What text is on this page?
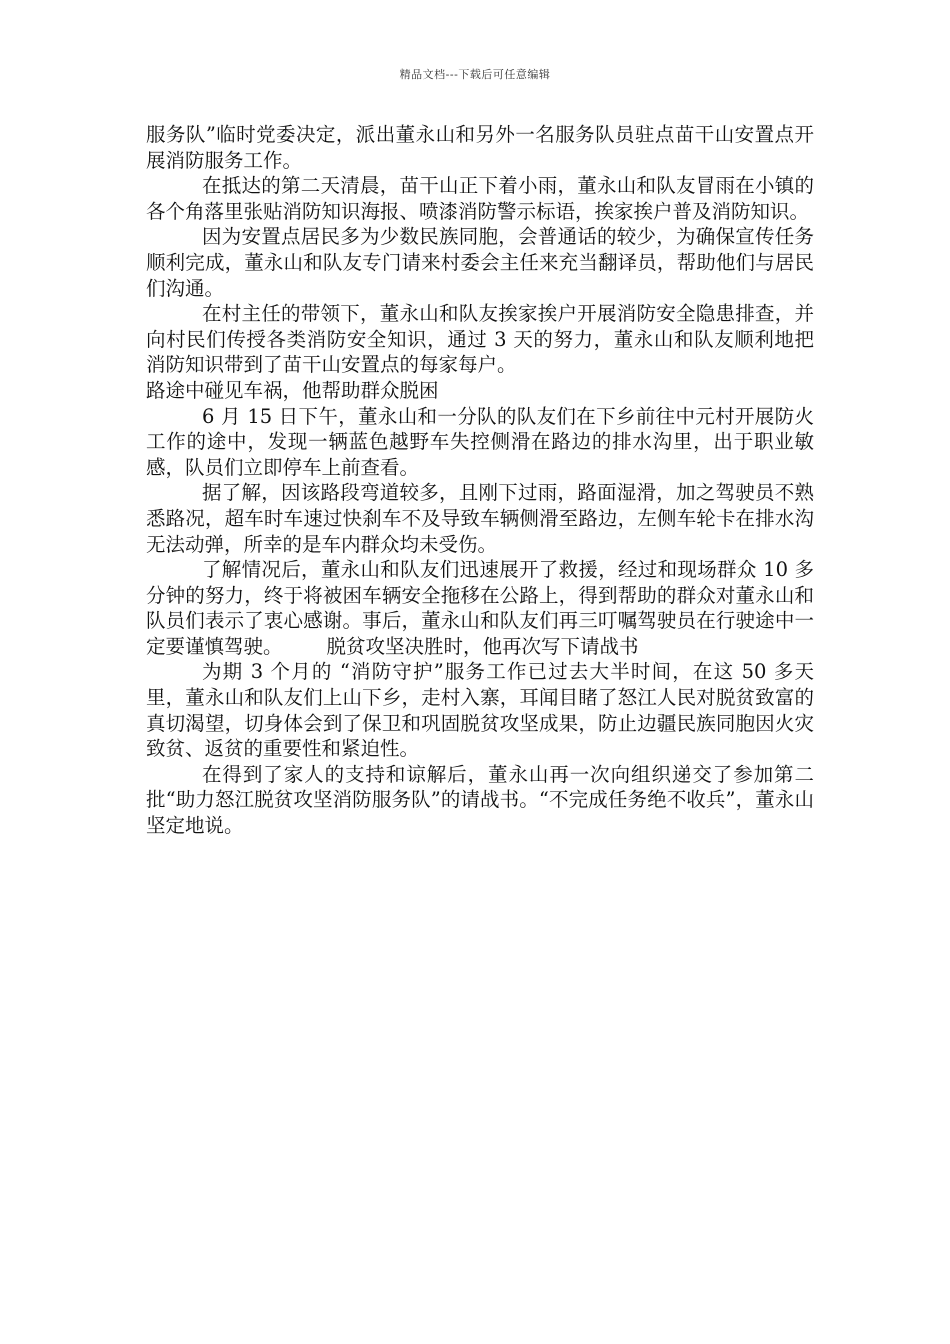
精品文档---下载后可任意编辑

服务队”临时党委决定，派出董永山和另外一名服务队员驻点苗干山安置点开展消防服务工作。

在抵达的第二天清晨，苗干山正下着小雨，董永山和队友冒雨在小镇的各个角落里张贴消防知识海报、喷漆消防警示标语，挨家挨户普及消防知识。

因为安置点居民多为少数民族同胞，会普通话的较少，为确保宣传任务顺利完成，董永山和队友专门请来村委会主任来充当翻译员，帮助他们与居民们沟通。

在村主任的带领下，董永山和队友挨家挨户开展消防安全隐患排查，并向村民们传授各类消防安全知识，通过 3 天的努力，董永山和队友顺利地把消防知识带到了苗干山安置点的每家每户。

路途中碰见车祸，他帮助群众脱困

6 月 15 日下午，董永山和一分队的队友们在下乡前往中元村开展防火工作的途中，发现一辆蓝色越野车失控侧滑在路边的排水沟里，出于职业敏感，队员们立即停车上前查看。

据了解，因该路段弯道较多，且刚下过雨，路面湿滑，加之驾驶员不熟悉路况，超车时车速过快刹车不及导致车辆侧滑至路边，左侧车轮卡在排水沟无法动弹，所幸的是车内群众均未受伤。

了解情况后，董永山和队友们迅速展开了救援，经过和现场群众 10 多分钟的努力，终于将被困车辆安全拖移在公路上，得到帮助的群众对董永山和队员们表示了衷心感谢。事后，董永山和队友们再三叮嘱驾驶员在行驶途中一定要谨慎驾驶。 脱贫攻坚决胜时，他再次写下请战书

为期 3 个月的 “消防守护”服务工作已过去大半时间，在这 50 多天里，董永山和队友们上山下乡，走村入寨，耳闻目睹了怒江人民对脱贫致富的真切渴望，切身体会到了保卫和巩固脱贫攻坚成果，防止边疆民族同胞因火灾致贫、返贫的重要性和紧迫性。

在得到了家人的支持和谅解后，董永山再一次向组织递交了参加第二批“助力怒江脱贫攻坚消防服务队”的请战书。“不完成任务绝不收兵”，董永山坚定地说。
